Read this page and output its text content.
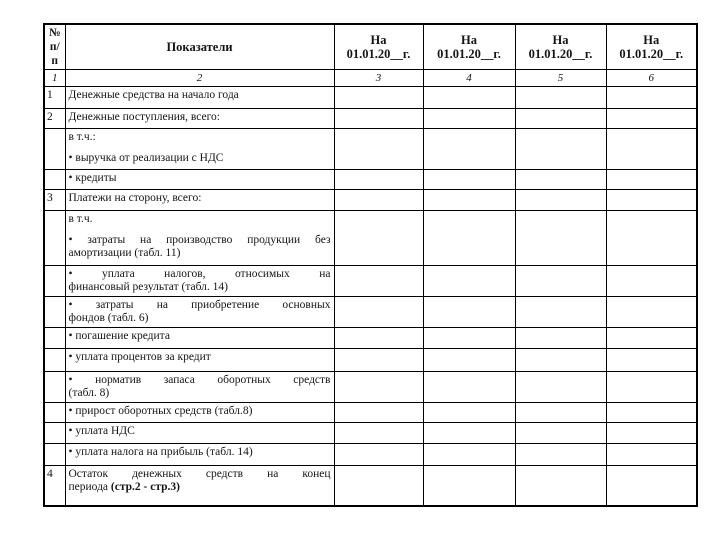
№
п/п
	Показатели	На
01.01.20__г.

На
01.01.20__г.

На
01.01.20__г.

На
01.01.20__г.

1	2	3	4	5	6
1	Денежные средства на начало года				

2	Денежные поступления, всего:				

	в т.ч.:
• выручка от реализации с НДС				

	• кредиты				

3	Платежи на сторону, всего:				

	в т.ч.
• затраты на производство продукции без
амортизации (табл. 11)				

	• уплата налогов, относимых на
финансовый результат (табл. 14)				

	• затраты на приобретение основных
фондов (табл. 6)				

	• погашение кредита				

	• уплата процентов за кредит				

	• норматив запаса оборотных средств
(табл. 8)				

	• прирост оборотных средств (табл.8)				

	• уплата НДС				

	• уплата налога на прибыль (табл. 14)				

4	Остаток денежных средств на конец
периода (стр.2 - стр.3)				
